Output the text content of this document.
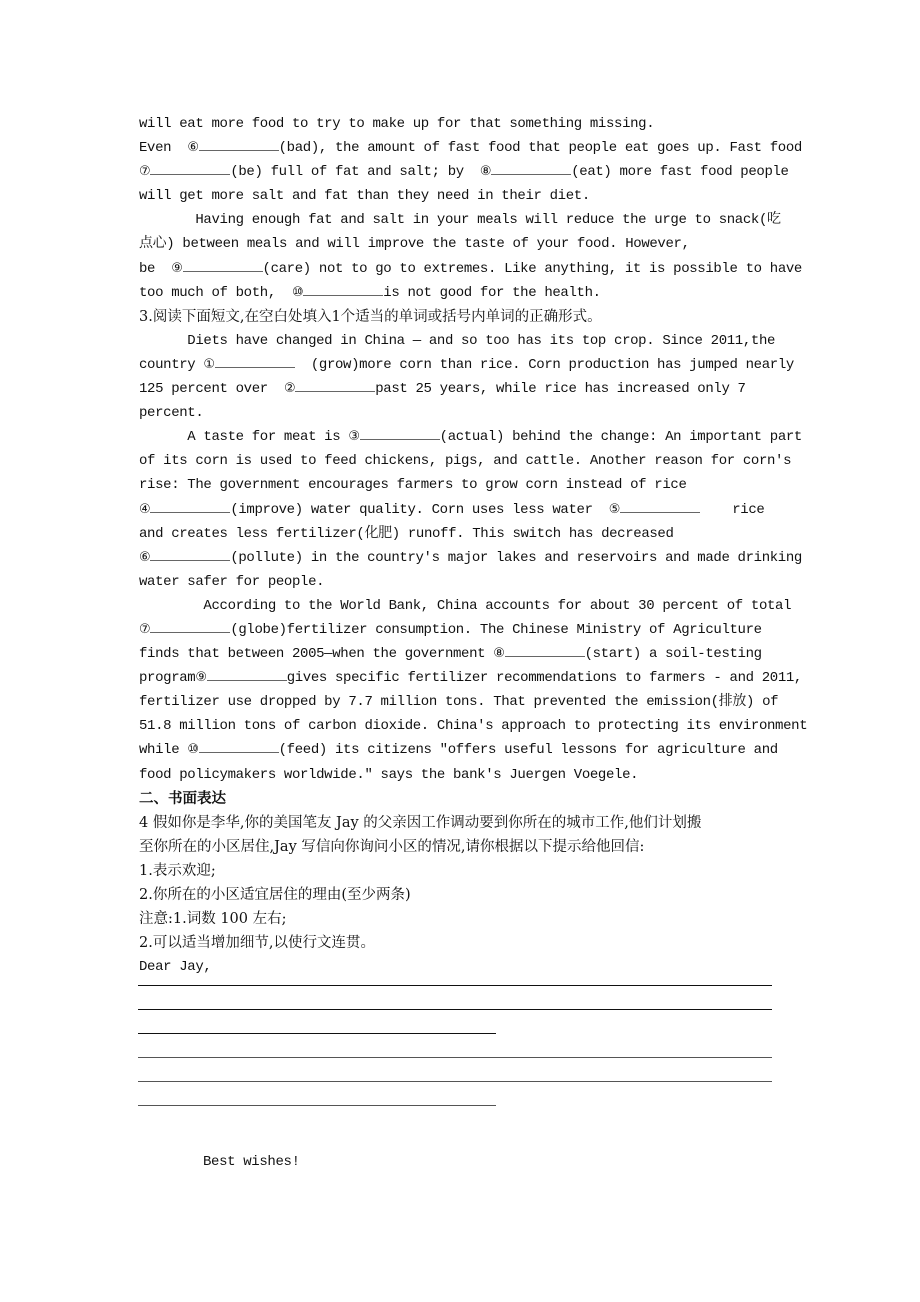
will eat more food to try to make up for that something missing.
Even  ⑥	(bad), the amount of fast food that people eat goes up. Fast food
⑦	(be) full of fat and salt; by  ⑧	(eat) more fast food people
will get more salt and fat than they need in their diet.
Having enough fat and salt in your meals will reduce the urge to snack(吃
点心) between meals and will improve the taste of your food. However,
be  ⑨	(care) not to go to extremes. Like anything, it is possible to have
too much of both,  ⑩	is not good for the health.
3.阅读下面短文,在空白处填入1个适当的单词或括号内单词的正确形式。
Diets have changed in China — and so too has its top crop. Since 2011,the
country ①	(grow)more corn than rice. Corn production has jumped nearly
125 percent over  ②	past 25 years, while rice has increased only 7
percent.
A taste for meat is ③	(actual) behind the change: An important part
of its corn is used to feed chickens, pigs, and cattle. Another reason for corn's
rise: The government encourages farmers to grow corn instead of rice
④	(improve) water quality. Corn uses less water  ⑤	rice
and creates less fertilizer(化肥) runoff. This switch has decreased
⑥	(pollute) in the country's major lakes and reservoirs and made drinking
water safer for people.
According to the World Bank, China accounts for about 30 percent of total
⑦	(globe)fertilizer consumption. The Chinese Ministry of Agriculture
finds that between 2005—when the government ⑧	(start) a soil-testing
program⑨	gives specific fertilizer recommendations to farmers - and 2011,
fertilizer use dropped by 7.7 million tons. That prevented the emission(排放) of
51.8 million tons of carbon dioxide. China's approach to protecting its environment
while ⑩	(feed) its citizens "offers useful lessons for agriculture and
food policymakers worldwide." says the bank's Juergen Voegele.
二、书面表达
4 假如你是李华,你的美国笔友 Jay 的父亲因工作调动要到你所在的城市工作,他们计划搬
至你所在的小区居住,Jay 写信向你询问小区的情况,请你根据以下提示给他回信:
1.表示欢迎;
2.你所在的小区适宜居住的理由(至少两条)
注意:1.词数 100 左右;
2.可以适当增加细节,以使行文连贯。
Dear Jay,
Best wishes!
